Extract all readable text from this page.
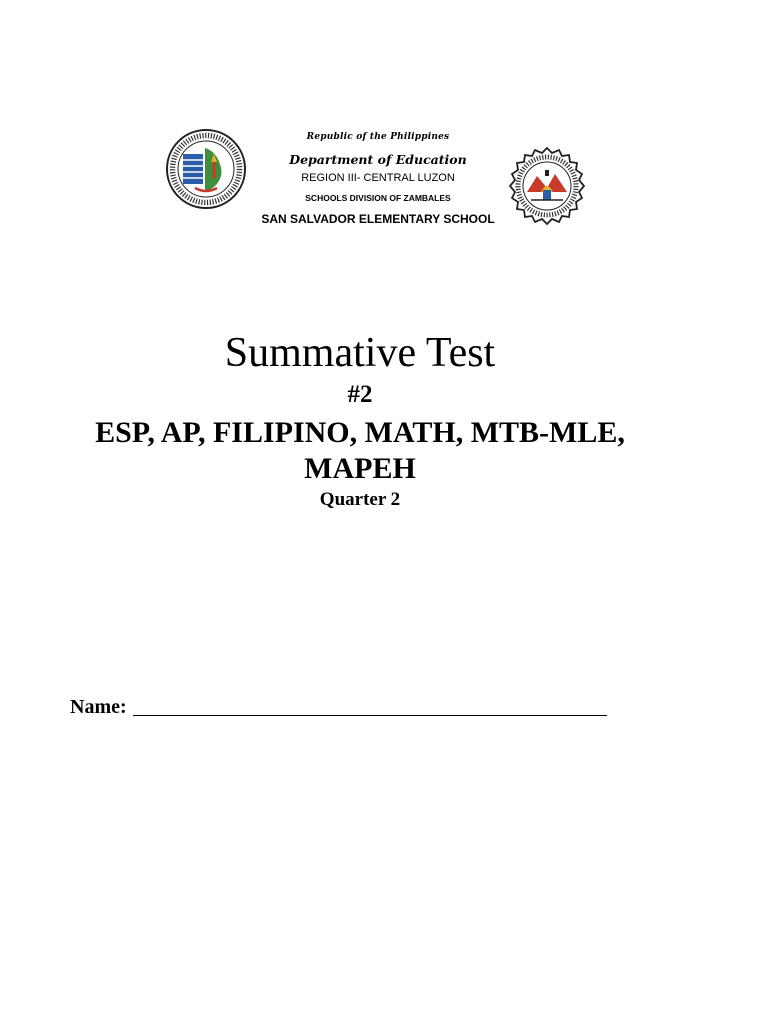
Republic of the Philippines
Department of Education
REGION III- CENTRAL LUZON
SCHOOLS DIVISION OF ZAMBALES
SAN SALVADOR ELEMENTARY SCHOOL
Summative Test
#2
ESP, AP, FILIPINO, MATH, MTB-MLE,
MAPEH
Quarter 2
Name:
